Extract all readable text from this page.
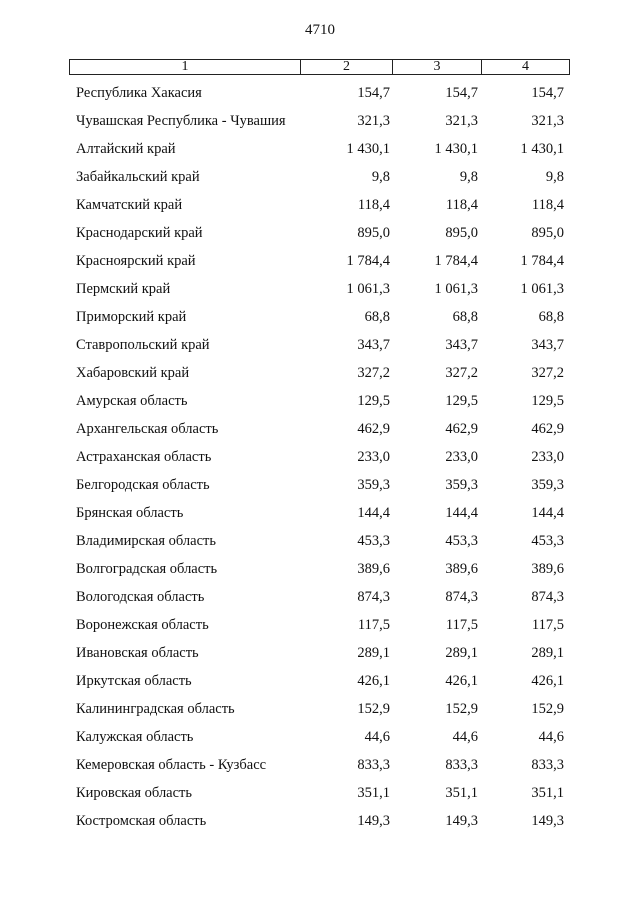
4710
1	2	3	4
Республика Хакасия	154,7	154,7	154,7
Чувашская Республика - Чувашия	321,3	321,3	321,3
Алтайский край	1 430,1	1 430,1	1 430,1
Забайкальский край	9,8	9,8	9,8
Камчатский край	118,4	118,4	118,4
Краснодарский край	895,0	895,0	895,0
Красноярский край	1 784,4	1 784,4	1 784,4
Пермский край	1 061,3	1 061,3	1 061,3
Приморский край	68,8	68,8	68,8
Ставропольский край	343,7	343,7	343,7
Хабаровский край	327,2	327,2	327,2
Амурская область	129,5	129,5	129,5
Архангельская область	462,9	462,9	462,9
Астраханская область	233,0	233,0	233,0
Белгородская область	359,3	359,3	359,3
Брянская область	144,4	144,4	144,4
Владимирская область	453,3	453,3	453,3
Волгоградская область	389,6	389,6	389,6
Вологодская область	874,3	874,3	874,3
Воронежская область	117,5	117,5	117,5
Ивановская область	289,1	289,1	289,1
Иркутская область	426,1	426,1	426,1
Калининградская область	152,9	152,9	152,9
Калужская область	44,6	44,6	44,6
Кемеровская область - Кузбасс	833,3	833,3	833,3
Кировская область	351,1	351,1	351,1
Костромская область	149,3	149,3	149,3
